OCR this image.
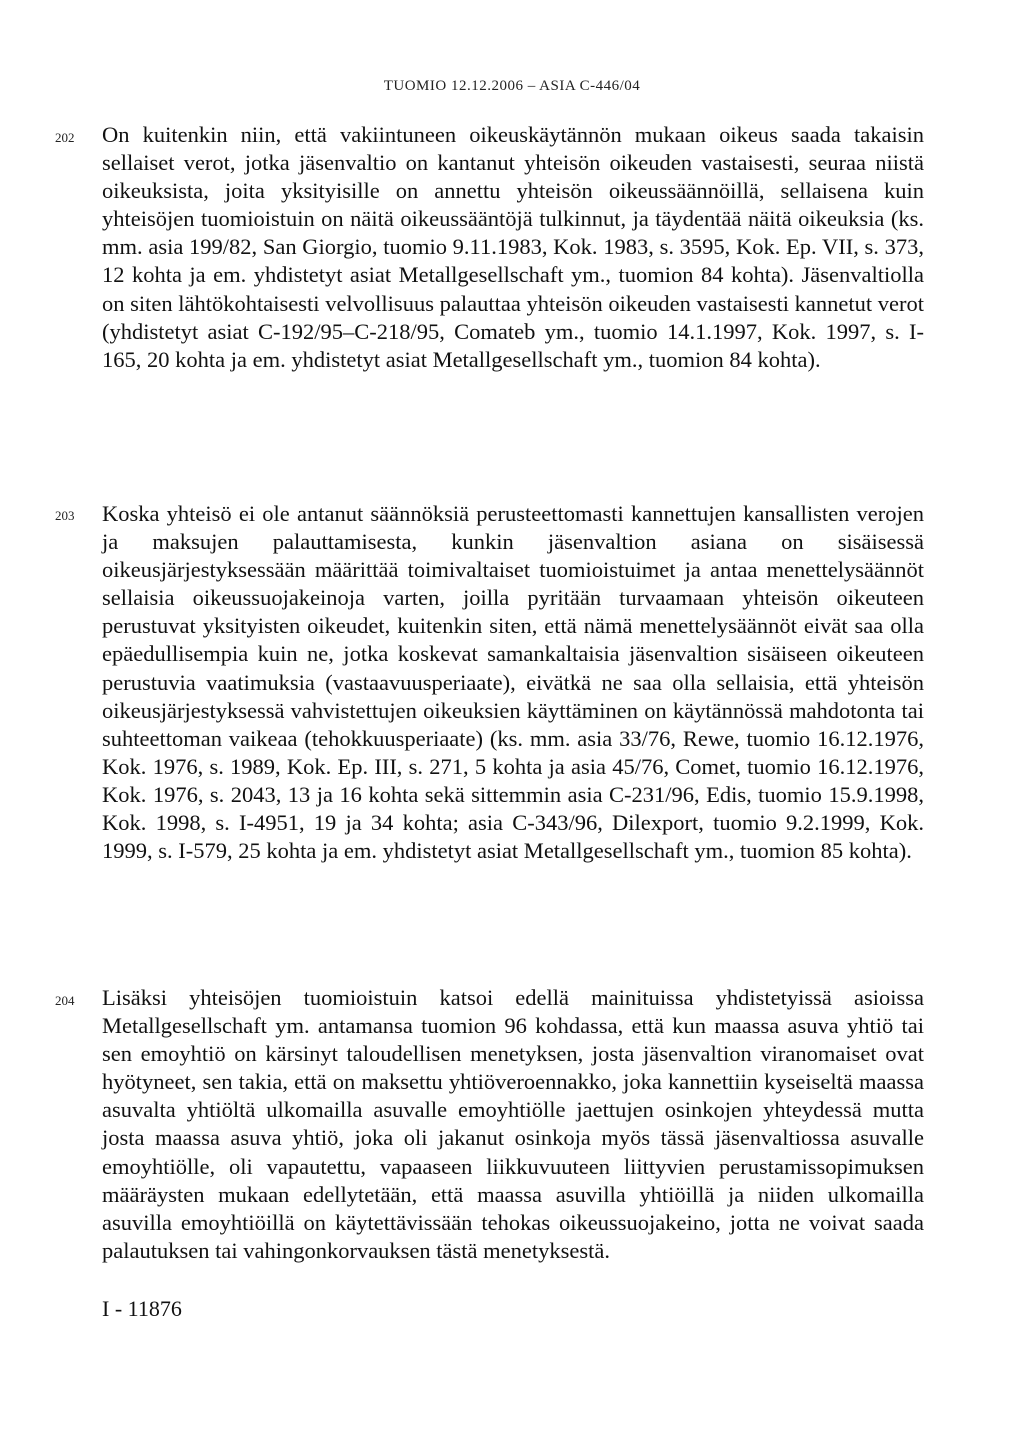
TUOMIO 12.12.2006 – ASIA C-446/04
202 On kuitenkin niin, että vakiintuneen oikeuskäytännön mukaan oikeus saada takaisin sellaiset verot, jotka jäsenvaltio on kantanut yhteisön oikeuden vastaisesti, seuraa niistä oikeuksista, joita yksityisille on annettu yhteisön oikeussäännöillä, sellaisena kuin yhteisöjen tuomioistuin on näitä oikeussääntöjä tulkinnut, ja täydentää näitä oikeuksia (ks. mm. asia 199/82, San Giorgio, tuomio 9.11.1983, Kok. 1983, s. 3595, Kok. Ep. VII, s. 373, 12 kohta ja em. yhdistetyt asiat Metallgesellschaft ym., tuomion 84 kohta). Jäsenvaltiolla on siten lähtökohtaisesti velvollisuus palauttaa yhteisön oikeuden vastaisesti kannetut verot (yhdistetyt asiat C-192/95–C-218/95, Comateb ym., tuomio 14.1.1997, Kok. 1997, s. I-165, 20 kohta ja em. yhdistetyt asiat Metallgesellschaft ym., tuomion 84 kohta).

203 Koska yhteisö ei ole antanut säännöksiä perusteettomasti kannettujen kansallisten verojen ja maksujen palauttamisesta, kunkin jäsenvaltion asiana on sisäisessä oikeusjärjestyksessään määrittää toimivaltaiset tuomioistuimet ja antaa menettelysäännöt sellaisia oikeussuojakeinoja varten, joilla pyritään turvaamaan yhteisön oikeuteen perustuvat yksityisten oikeudet, kuitenkin siten, että nämä menettelysäännöt eivät saa olla epäedullisempia kuin ne, jotka koskevat samankaltaisia jäsenvaltion sisäiseen oikeuteen perustuvia vaatimuksia (vastaavuusperiaate), eivätkä ne saa olla sellaisia, että yhteisön oikeusjärjestyksessä vahvistettujen oikeuksien käyttäminen on käytännössä mahdotonta tai suhteettoman vaikeaa (tehokkuusperiaate) (ks. mm. asia 33/76, Rewe, tuomio 16.12.1976, Kok. 1976, s. 1989, Kok. Ep. III, s. 271, 5 kohta ja asia 45/76, Comet, tuomio 16.12.1976, Kok. 1976, s. 2043, 13 ja 16 kohta sekä sittemmin asia C-231/96, Edis, tuomio 15.9.1998, Kok. 1998, s. I-4951, 19 ja 34 kohta; asia C-343/96, Dilexport, tuomio 9.2.1999, Kok. 1999, s. I-579, 25 kohta ja em. yhdistetyt asiat Metallgesellschaft ym., tuomion 85 kohta).

204 Lisäksi yhteisöjen tuomioistuin katsoi edellä mainituissa yhdistetyissä asioissa Metallgesellschaft ym. antamansa tuomion 96 kohdassa, että kun maassa asuva yhtiö tai sen emoyhtiö on kärsinyt taloudellisen menetyksen, josta jäsenvaltion viranomaiset ovat hyötyneet, sen takia, että on maksettu yhtiöveroennakko, joka kannettiin kyseiseltä maassa asuvalta yhtiöltä ulkomailla asuvalle emoyhtiölle jaettujen osinkojen yhteydessä mutta josta maassa asuva yhtiö, joka oli jakanut osinkoja myös tässä jäsenvaltiossa asuvalle emoyhtiölle, oli vapautettu, vapaaseen liikkuvuuteen liittyvien perustamissopimuksen määräysten mukaan edellytetään, että maassa asuvilla yhtiöillä ja niiden ulkomailla asuvilla emoyhtiöillä on käytettävissään tehokas oikeussuojakeino, jotta ne voivat saada palautuksen tai vahingonkorvauksen tästä menetyksestä.

I - 11876
